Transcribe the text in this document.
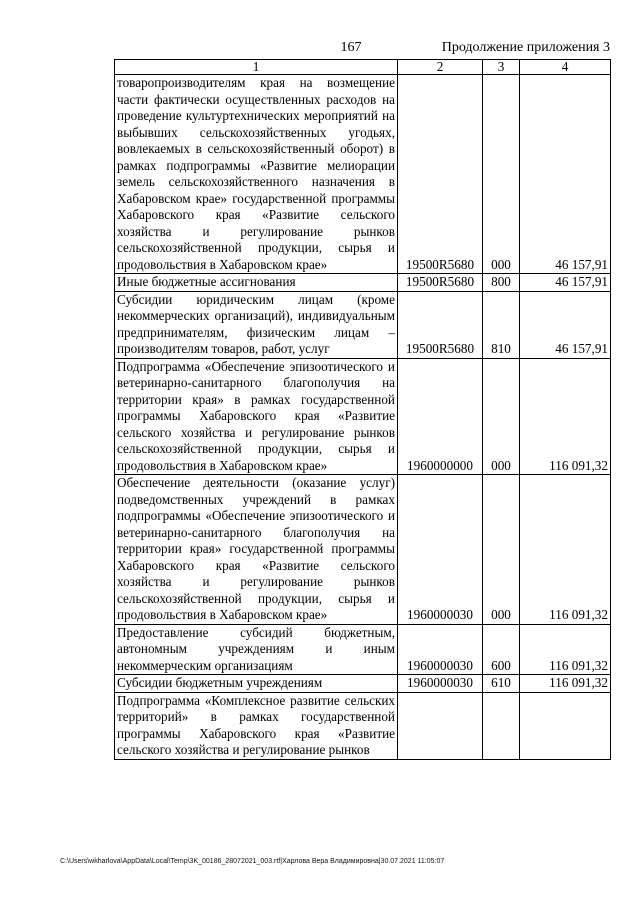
167	Продолжение приложения 3
1	2	3	4
товаропроизводителям края на возмещение части фактически осуществленных расходов на проведение культуртехнических мероприятий на выбывших сельскохозяйственных угодьях, вовлекаемых в сельскохозяйственный оборот) в рамках подпрограммы «Развитие мелиорации земель сельскохозяйственного назначения в Хабаровском крае» государственной программы Хабаровского края «Развитие сельского хозяйства и регулирование рынков сельскохозяйственной продукции, сырья и продовольствия в Хабаровском крае»	19500R5680	000	46 157,91
Иные бюджетные ассигнования	19500R5680	800	46 157,91
Субсидии юридическим лицам (кроме некоммерческих организаций), индивидуальным предпринимателям, физическим лицам – производителям товаров, работ, услуг	19500R5680	810	46 157,91
Подпрограмма «Обеспечение эпизоотического и ветеринарно-санитарного благополучия на территории края» в рамках государственной программы Хабаровского края «Развитие сельского хозяйства и регулирование рынков сельскохозяйственной продукции, сырья и продовольствия в Хабаровском крае»	1960000000	000	116 091,32
Обеспечение деятельности (оказание услуг) подведомственных учреждений в рамках подпрограммы «Обеспечение эпизоотического и ветеринарно-санитарного благополучия на территории края» государственной программы Хабаровского края «Развитие сельского хозяйства и регулирование рынков сельскохозяйственной продукции, сырья и продовольствия в Хабаровском крае»	1960000030	000	116 091,32
Предоставление субсидий бюджетным, автономным учреждениям и иным некоммерческим организациям	1960000030	600	116 091,32
Субсидии бюджетным учреждениям	1960000030	610	116 091,32
Подпрограмма «Комплексное развитие сельских территорий» в рамках государственной программы Хабаровского края «Развитие сельского хозяйства и регулирование рынков			
C:\Users\wkharlova\AppData\Local\Temp\3K_00186_28072021_003.rtf|Харлова Вера Владимировна|30.07.2021 11:05:07
